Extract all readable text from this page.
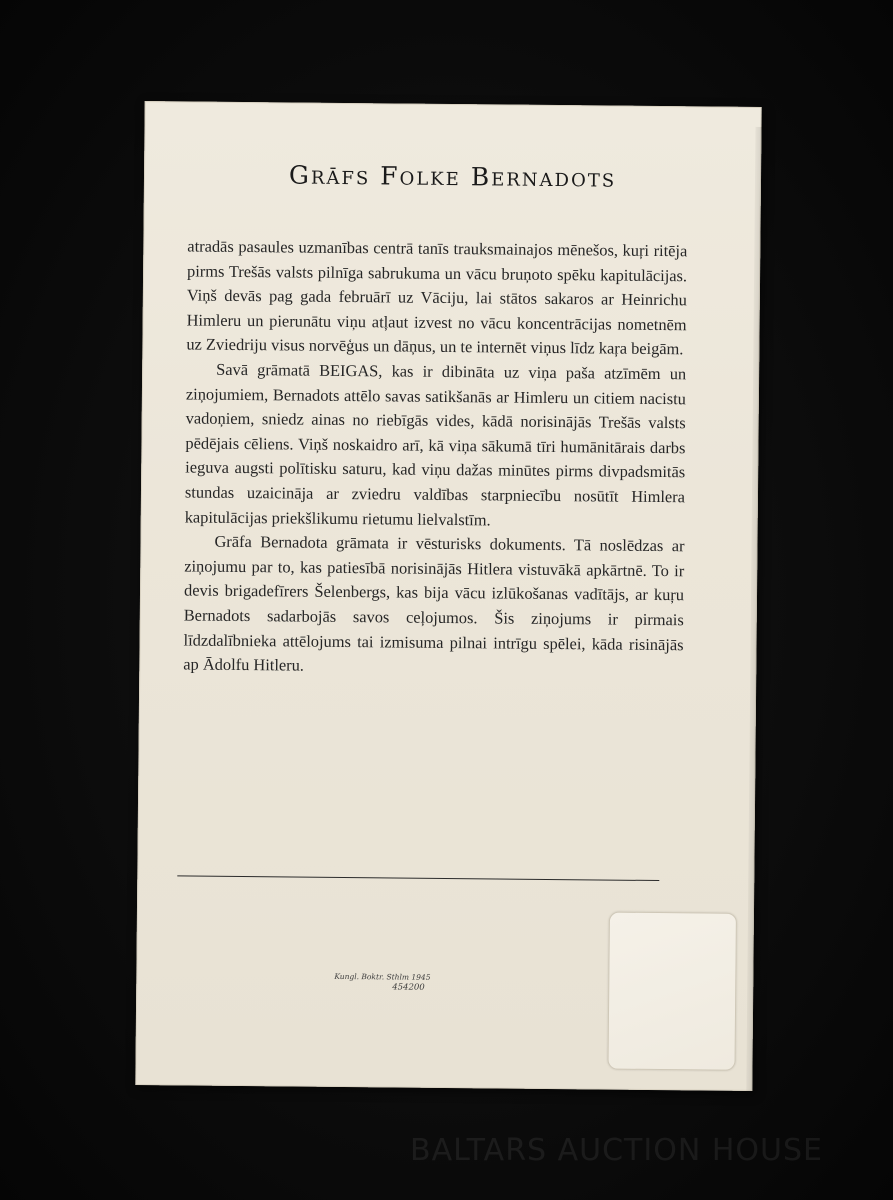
Grāfs Folke Bernadots

atradās pasaules uzmanības centrā tanīs trauksmainajos mēnešos, kuŗi ritēja pirms Trešās valsts pilnīga sabrukuma un vācu bruņoto spēku kapitulācijas. Viņš devās pag gada februārī uz Vāciju, lai stātos sakaros ar Heinrichu Himleru un pierunātu viņu atļaut izvest no vācu koncentrācijas nometnēm uz Zviedriju visus norvēģus un dāņus, un te internēt viņus līdz kaŗa beigām.

Savā grāmatā BEIGAS, kas ir dibināta uz viņa paša atzīmēm un ziņojumiem, Bernadots attēlo savas satikšanās ar Himleru un citiem nacistu vadoņiem, sniedz ainas no riebīgās vides, kādā norisinājās Trešās valsts pēdējais cēliens. Viņš noskaidro arī, kā viņa sākumā tīri humānitārais darbs ieguva augsti polītisku saturu, kad viņu dažas minūtes pirms divpadsmitās stundas uzaicināja ar zviedru valdības starpniecību nosūtīt Himlera kapitulācijas priekšlikumu rietumu lielvalstīm.

Grāfa Bernadota grāmata ir vēsturisks dokuments. Tā noslēdzas ar ziņojumu par to, kas patiesībā norisinājās Hitlera vistuvākā apkārtnē. To ir devis brigadefīrers Šelenbergs, kas bija vācu izlūkošanas vadītājs, ar kuŗu Bernadots sadarbojās savos ceļojumos. Šis ziņojums ir pirmais līdzdalībnieka attēlojums tai izmisuma pilnai intrīgu spēlei, kāda risinājās ap Ādolfu Hitleru.

Kungl. Boktr. Sthlm 1945
454200
BALTARS AUCTION HOUSE
